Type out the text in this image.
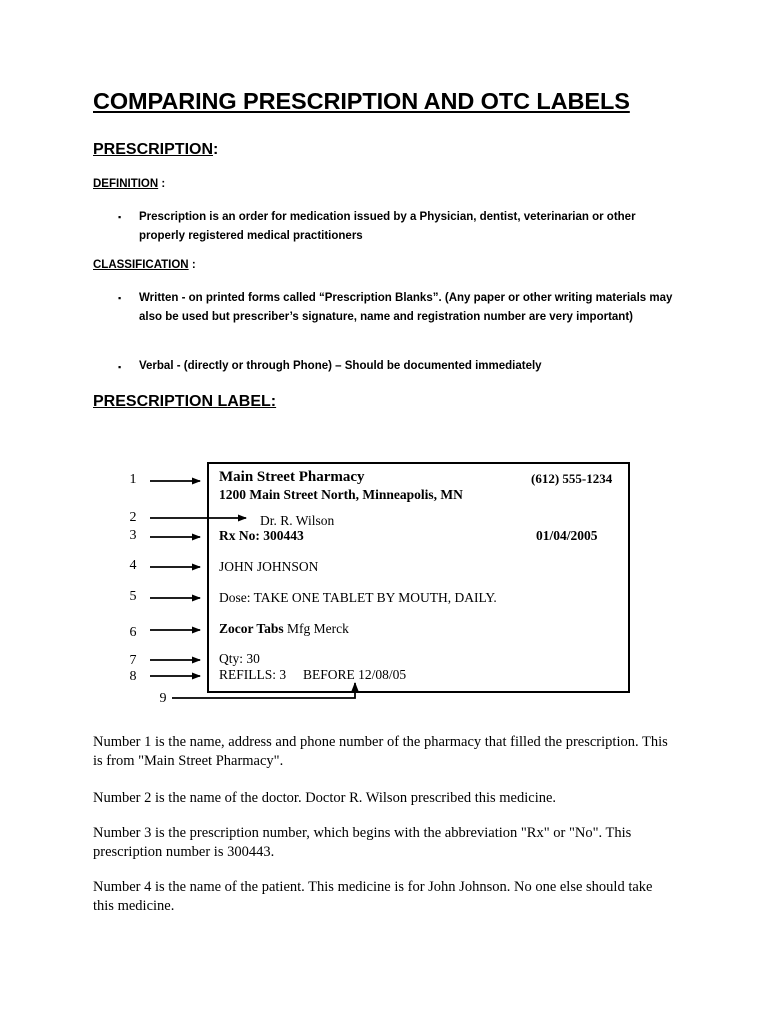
COMPARING PRESCRIPTION AND OTC LABELS
PRESCRIPTION:
DEFINITION :
▪ Prescription is an order for medication issued by a Physician, dentist, veterinarian or other properly registered medical practitioners
CLASSIFICATION :
▪ Written - on printed forms called “Prescription Blanks”. (Any paper or other writing materials may also be used but prescriber’s signature, name and registration number are very important)
▪ Verbal - (directly or through Phone) – Should be documented immediately
PRESCRIPTION LABEL:
Main Street Pharmacy	(612) 555-1234
1200 Main Street North, Minneapolis, MN
Dr. R. Wilson
Rx No: 300443	01/04/2005
JOHN JOHNSON
Dose: TAKE ONE TABLET BY MOUTH, DAILY.
Zocor Tabs Mfg Merck
Qty: 30
REFILLS: 3 BEFORE 12/08/05
1
2
3
4
5
6
7
8
9
Number 1 is the name, address and phone number of the pharmacy that filled the prescription. This is from "Main Street Pharmacy".
Number 2 is the name of the doctor. Doctor R. Wilson prescribed this medicine.
Number 3 is the prescription number, which begins with the abbreviation "Rx" or "No". This prescription number is 300443.
Number 4 is the name of the patient. This medicine is for John Johnson. No one else should take this medicine.
